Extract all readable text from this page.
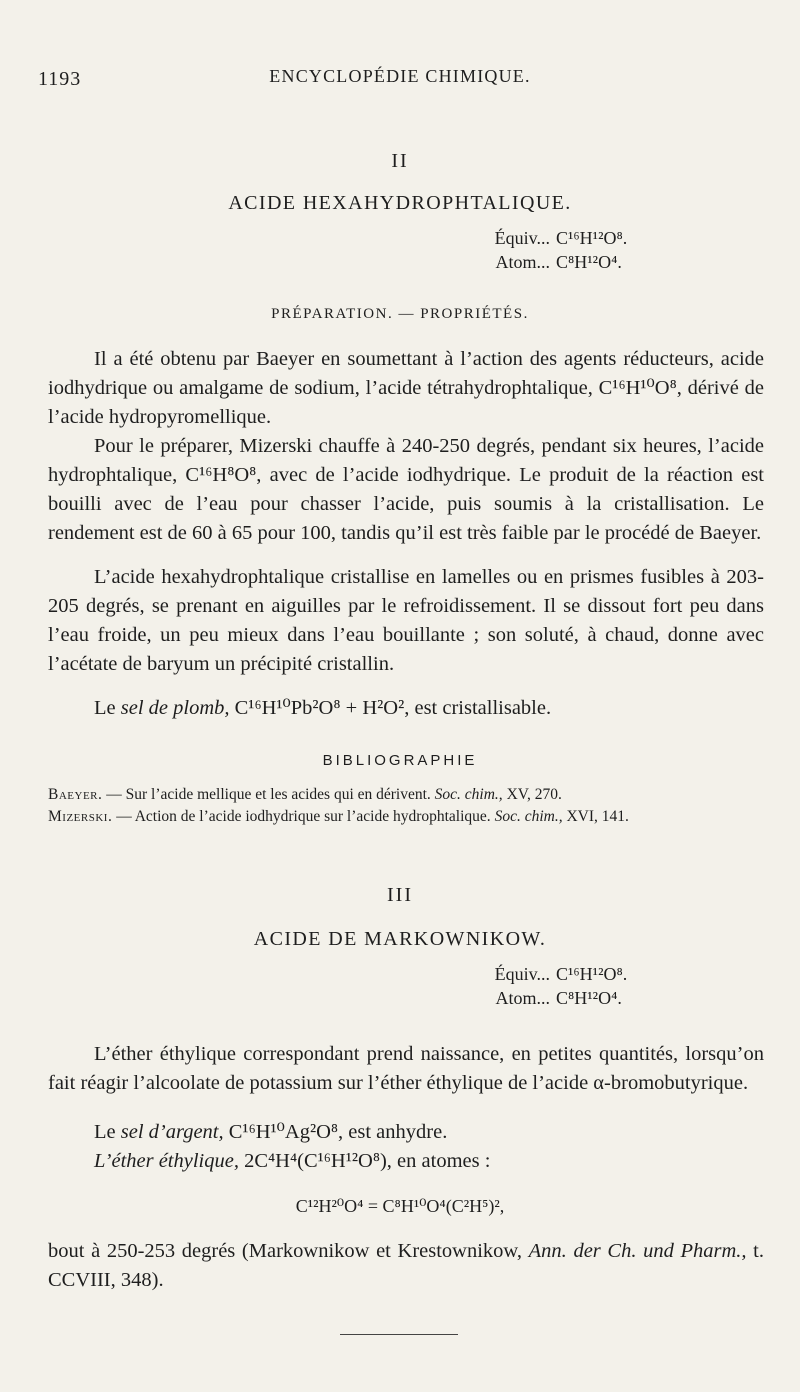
1193	ENCYCLOPÉDIE CHIMIQUE.
II
ACIDE HEXAHYDROPHTALIQUE.
Équiv... C¹⁶H¹²O⁸.
Atom... C⁸H¹²O⁴.
PRÉPARATION. — PROPRIÉTÉS.

Il a été obtenu par Baeyer en soumettant à l’action des agents réducteurs, acide iodhydrique ou amalgame de sodium, l’acide tétrahydrophtalique, C¹⁶H¹⁰O⁸, dérivé de l’acide hydropyromellique.

Pour le préparer, Mizerski chauffe à 240-250 degrés, pendant six heures, l’acide hydrophtalique, C¹⁶H⁸O⁸, avec de l’acide iodhydrique. Le produit de la réaction est bouilli avec de l’eau pour chasser l’acide, puis soumis à la cristallisation. Le rendement est de 60 à 65 pour 100, tandis qu’il est très faible par le procédé de Baeyer.

L’acide hexahydrophtalique cristallise en lamelles ou en prismes fusibles à 203-205 degrés, se prenant en aiguilles par le refroidissement. Il se dissout fort peu dans l’eau froide, un peu mieux dans l’eau bouillante ; son soluté, à chaud, donne avec l’acétate de baryum un précipité cristallin.

Le sel de plomb, C¹⁶H¹⁰Pb²O⁸ + H²O², est cristallisable.

BIBLIOGRAPHIE
Baeyer. — Sur l’acide mellique et les acides qui en dérivent. Soc. chim., XV, 270.
Mizerski. — Action de l’acide iodhydrique sur l’acide hydrophtalique. Soc. chim., XVI, 141.
III
ACIDE DE MARKOWNIKOW.
Équiv... C¹⁶H¹²O⁸.
Atom... C⁸H¹²O⁴.

L’éther éthylique correspondant prend naissance, en petites quantités, lorsqu’on fait réagir l’alcoolate de potassium sur l’éther éthylique de l’acide α-bromobutyrique.

Le sel d’argent, C¹⁶H¹⁰Ag²O⁸, est anhydre.

L’éther éthylique, 2C⁴H⁴(C¹⁶H¹²O⁸), en atomes :

C¹²H²⁰O⁴ = C⁸H¹⁰O⁴(C²H⁵)²,

bout à 250-253 degrés (Markownikow et Krestownikow, Ann. der Ch. und Pharm., t. CCVIII, 348).
